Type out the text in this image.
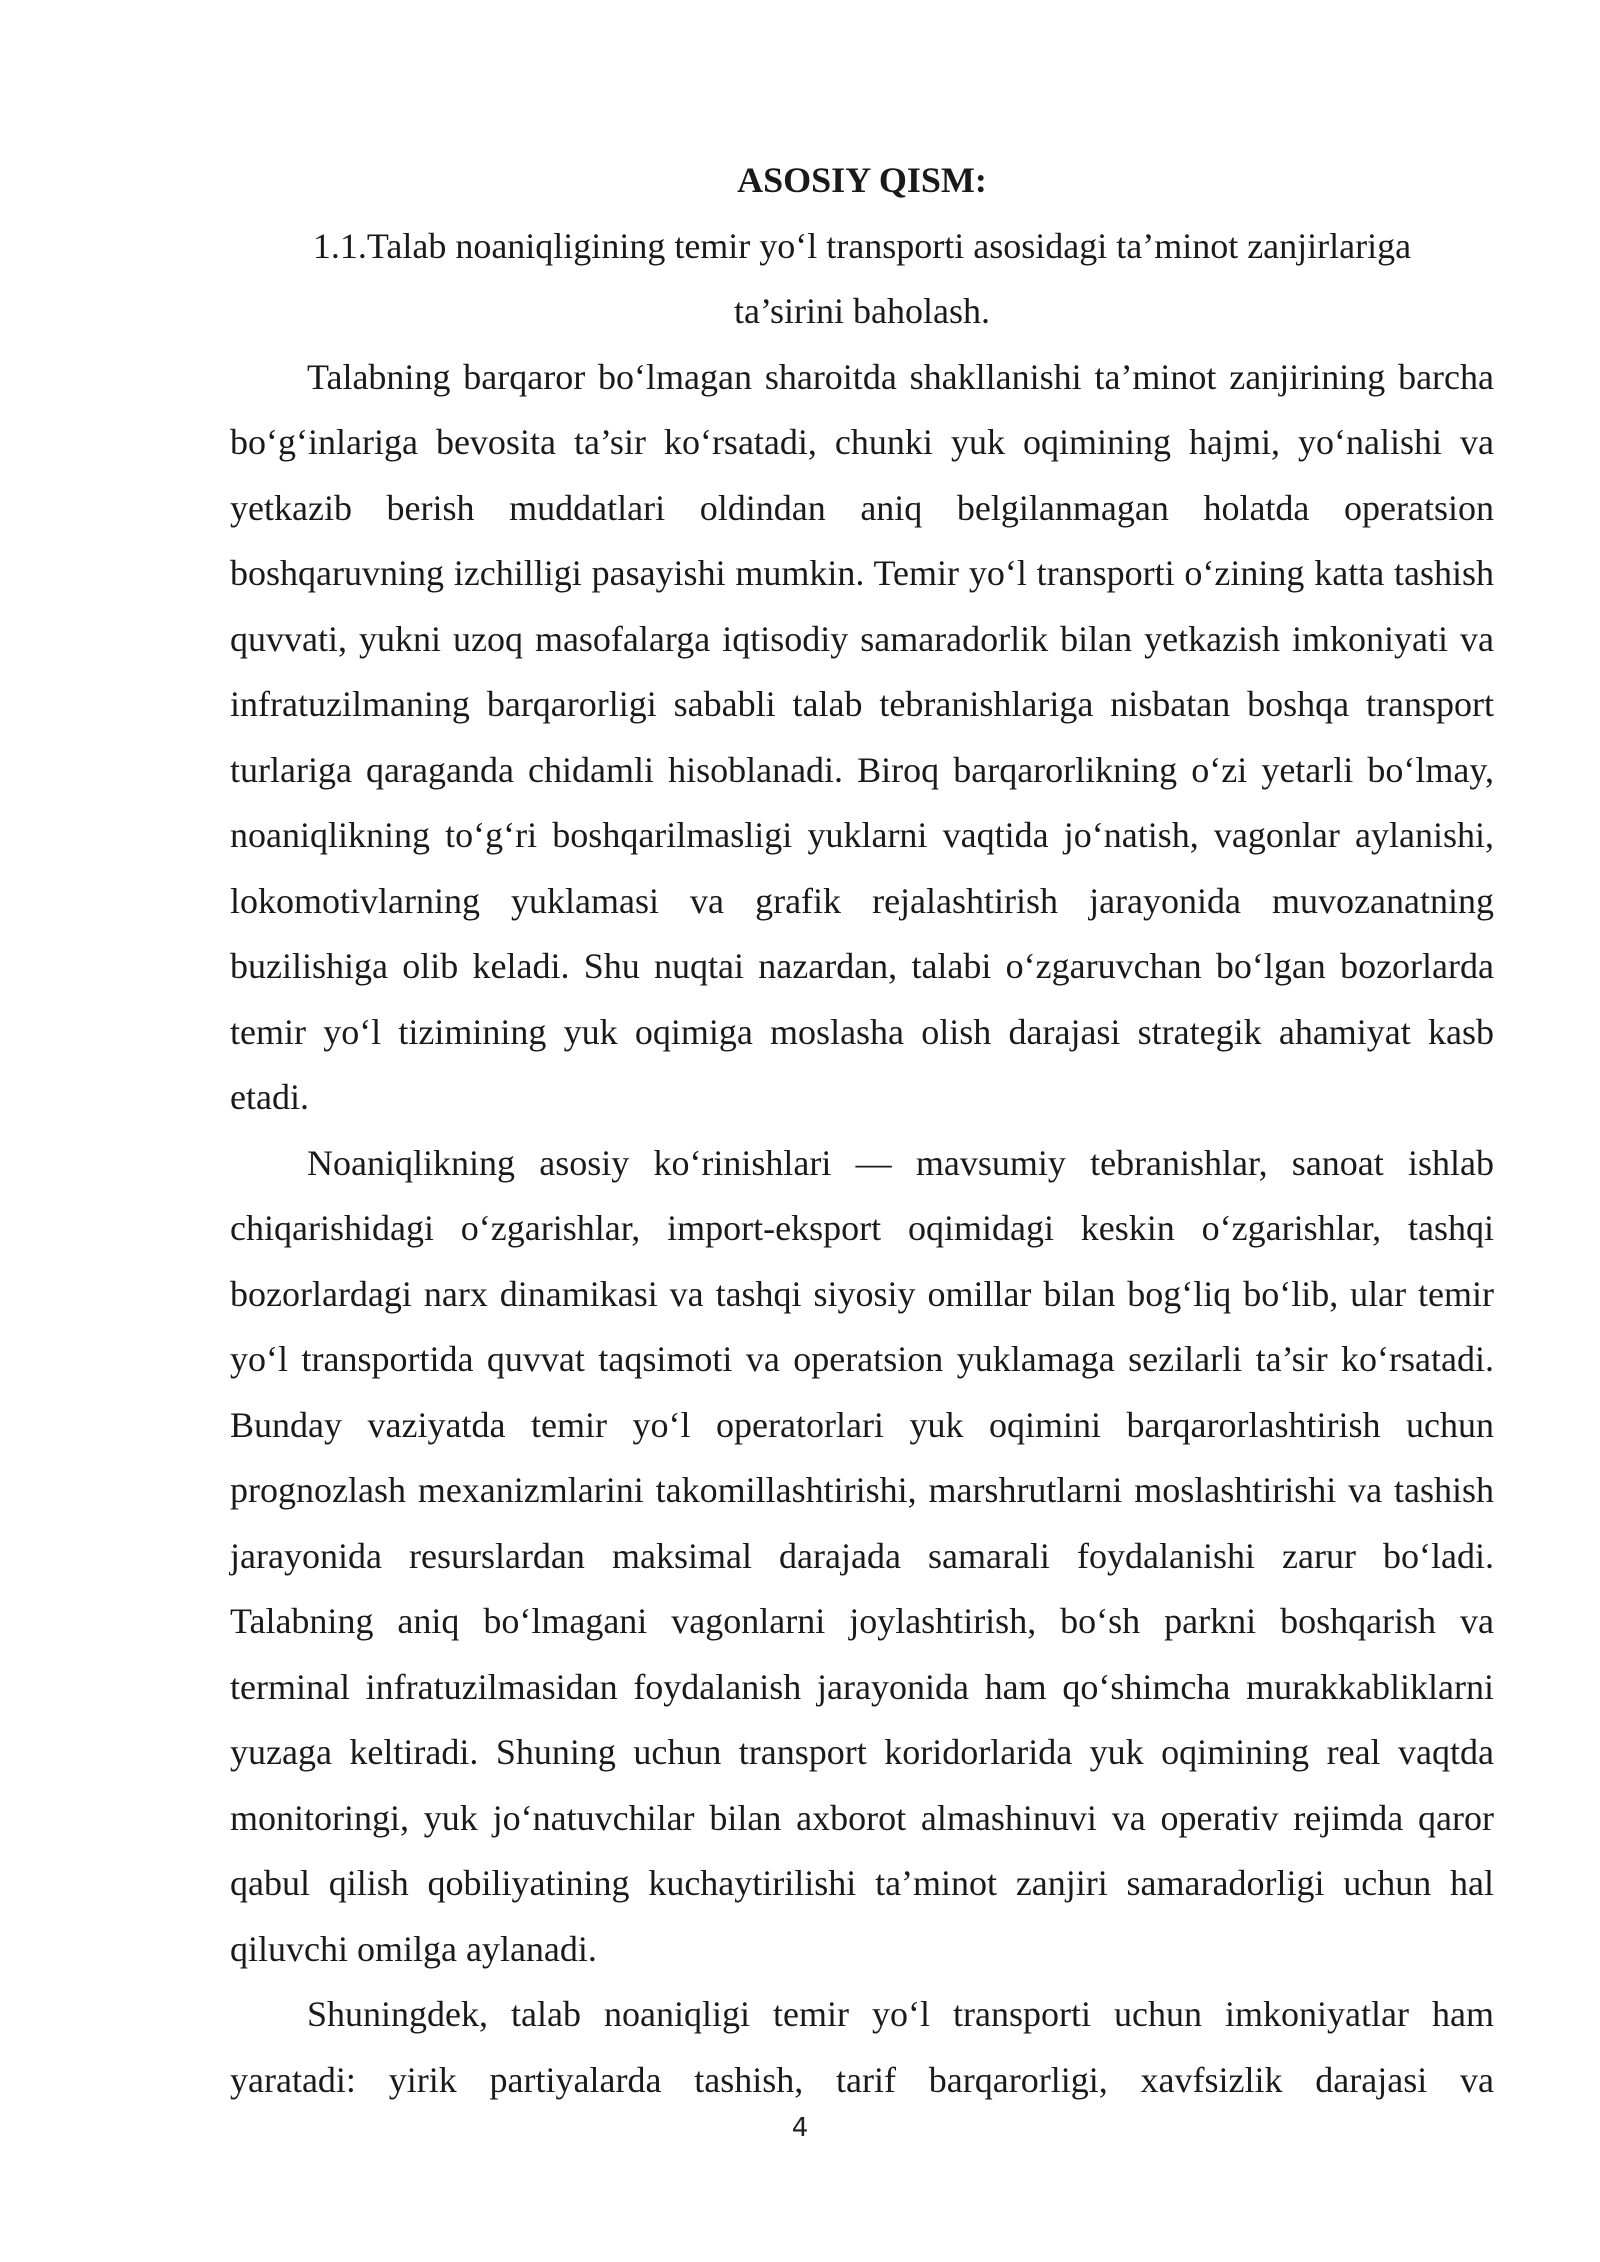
ASOSIY QISM:

1.1.Talab noaniqligining temir yo‘l transporti asosidagi ta’minot zanjirlariga ta’sirini baholash.

Talabning barqaror bo‘lmagan sharoitda shakllanishi ta’minot zanjirining barcha bo‘g‘inlariga bevosita ta’sir ko‘rsatadi, chunki yuk oqimining hajmi, yo‘nalishi va yetkazib berish muddatlari oldindan aniq belgilanmagan holatda operatsion boshqaruvning izchilligi pasayishi mumkin. Temir yo‘l transporti o‘zining katta tashish quvvati, yukni uzoq masofalarga iqtisodiy samaradorlik bilan yetkazish imkoniyati va infratuzilmaning barqarorligi sababli talab tebranishlariga nisbatan boshqa transport turlariga qaraganda chidamli hisoblanadi. Biroq barqarorlikning o‘zi yetarli bo‘lmay, noaniqlikning to‘g‘ri boshqarilmasligi yuklarni vaqtida jo‘natish, vagonlar aylanishi, lokomotivlarning yuklamasi va grafik rejalashtirish jarayonida muvozanatning buzilishiga olib keladi. Shu nuqtai nazardan, talabi o‘zgaruvchan bo‘lgan bozorlarda temir yo‘l tizimining yuk oqimiga moslasha olish darajasi strategik ahamiyat kasb etadi.

Noaniqlikning asosiy ko‘rinishlari — mavsumiy tebranishlar, sanoat ishlab chiqarishidagi o‘zgarishlar, import-eksport oqimidagi keskin o‘zgarishlar, tashqi bozorlardagi narx dinamikasi va tashqi siyosiy omillar bilan bog‘liq bo‘lib, ular temir yo‘l transportida quvvat taqsimoti va operatsion yuklamaga sezilarli ta’sir ko‘rsatadi. Bunday vaziyatda temir yo‘l operatorlari yuk oqimini barqarorlashtirish uchun prognozlash mexanizmlarini takomillashtirishi, marshrutlarni moslashtirishi va tashish jarayonida resurslardan maksimal darajada samarali foydalanishi zarur bo‘ladi. Talabning aniq bo‘lmagani vagonlarni joylashtirish, bo‘sh parkni boshqarish va terminal infratuzilmasidan foydalanish jarayonida ham qo‘shimcha murakkabliklarni yuzaga keltiradi. Shuning uchun transport koridorlarida yuk oqimining real vaqtda monitoringi, yuk jo‘natuvchilar bilan axborot almashinuvi va operativ rejimda qaror qabul qilish qobiliyatining kuchaytirilishi ta’minot zanjiri samaradorligi uchun hal qiluvchi omilga aylanadi.

Shuningdek, talab noaniqligi temir yo‘l transporti uchun imkoniyatlar ham yaratadi: yirik partiyalarda tashish, tarif barqarorligi, xavfsizlik darajasi va

4
